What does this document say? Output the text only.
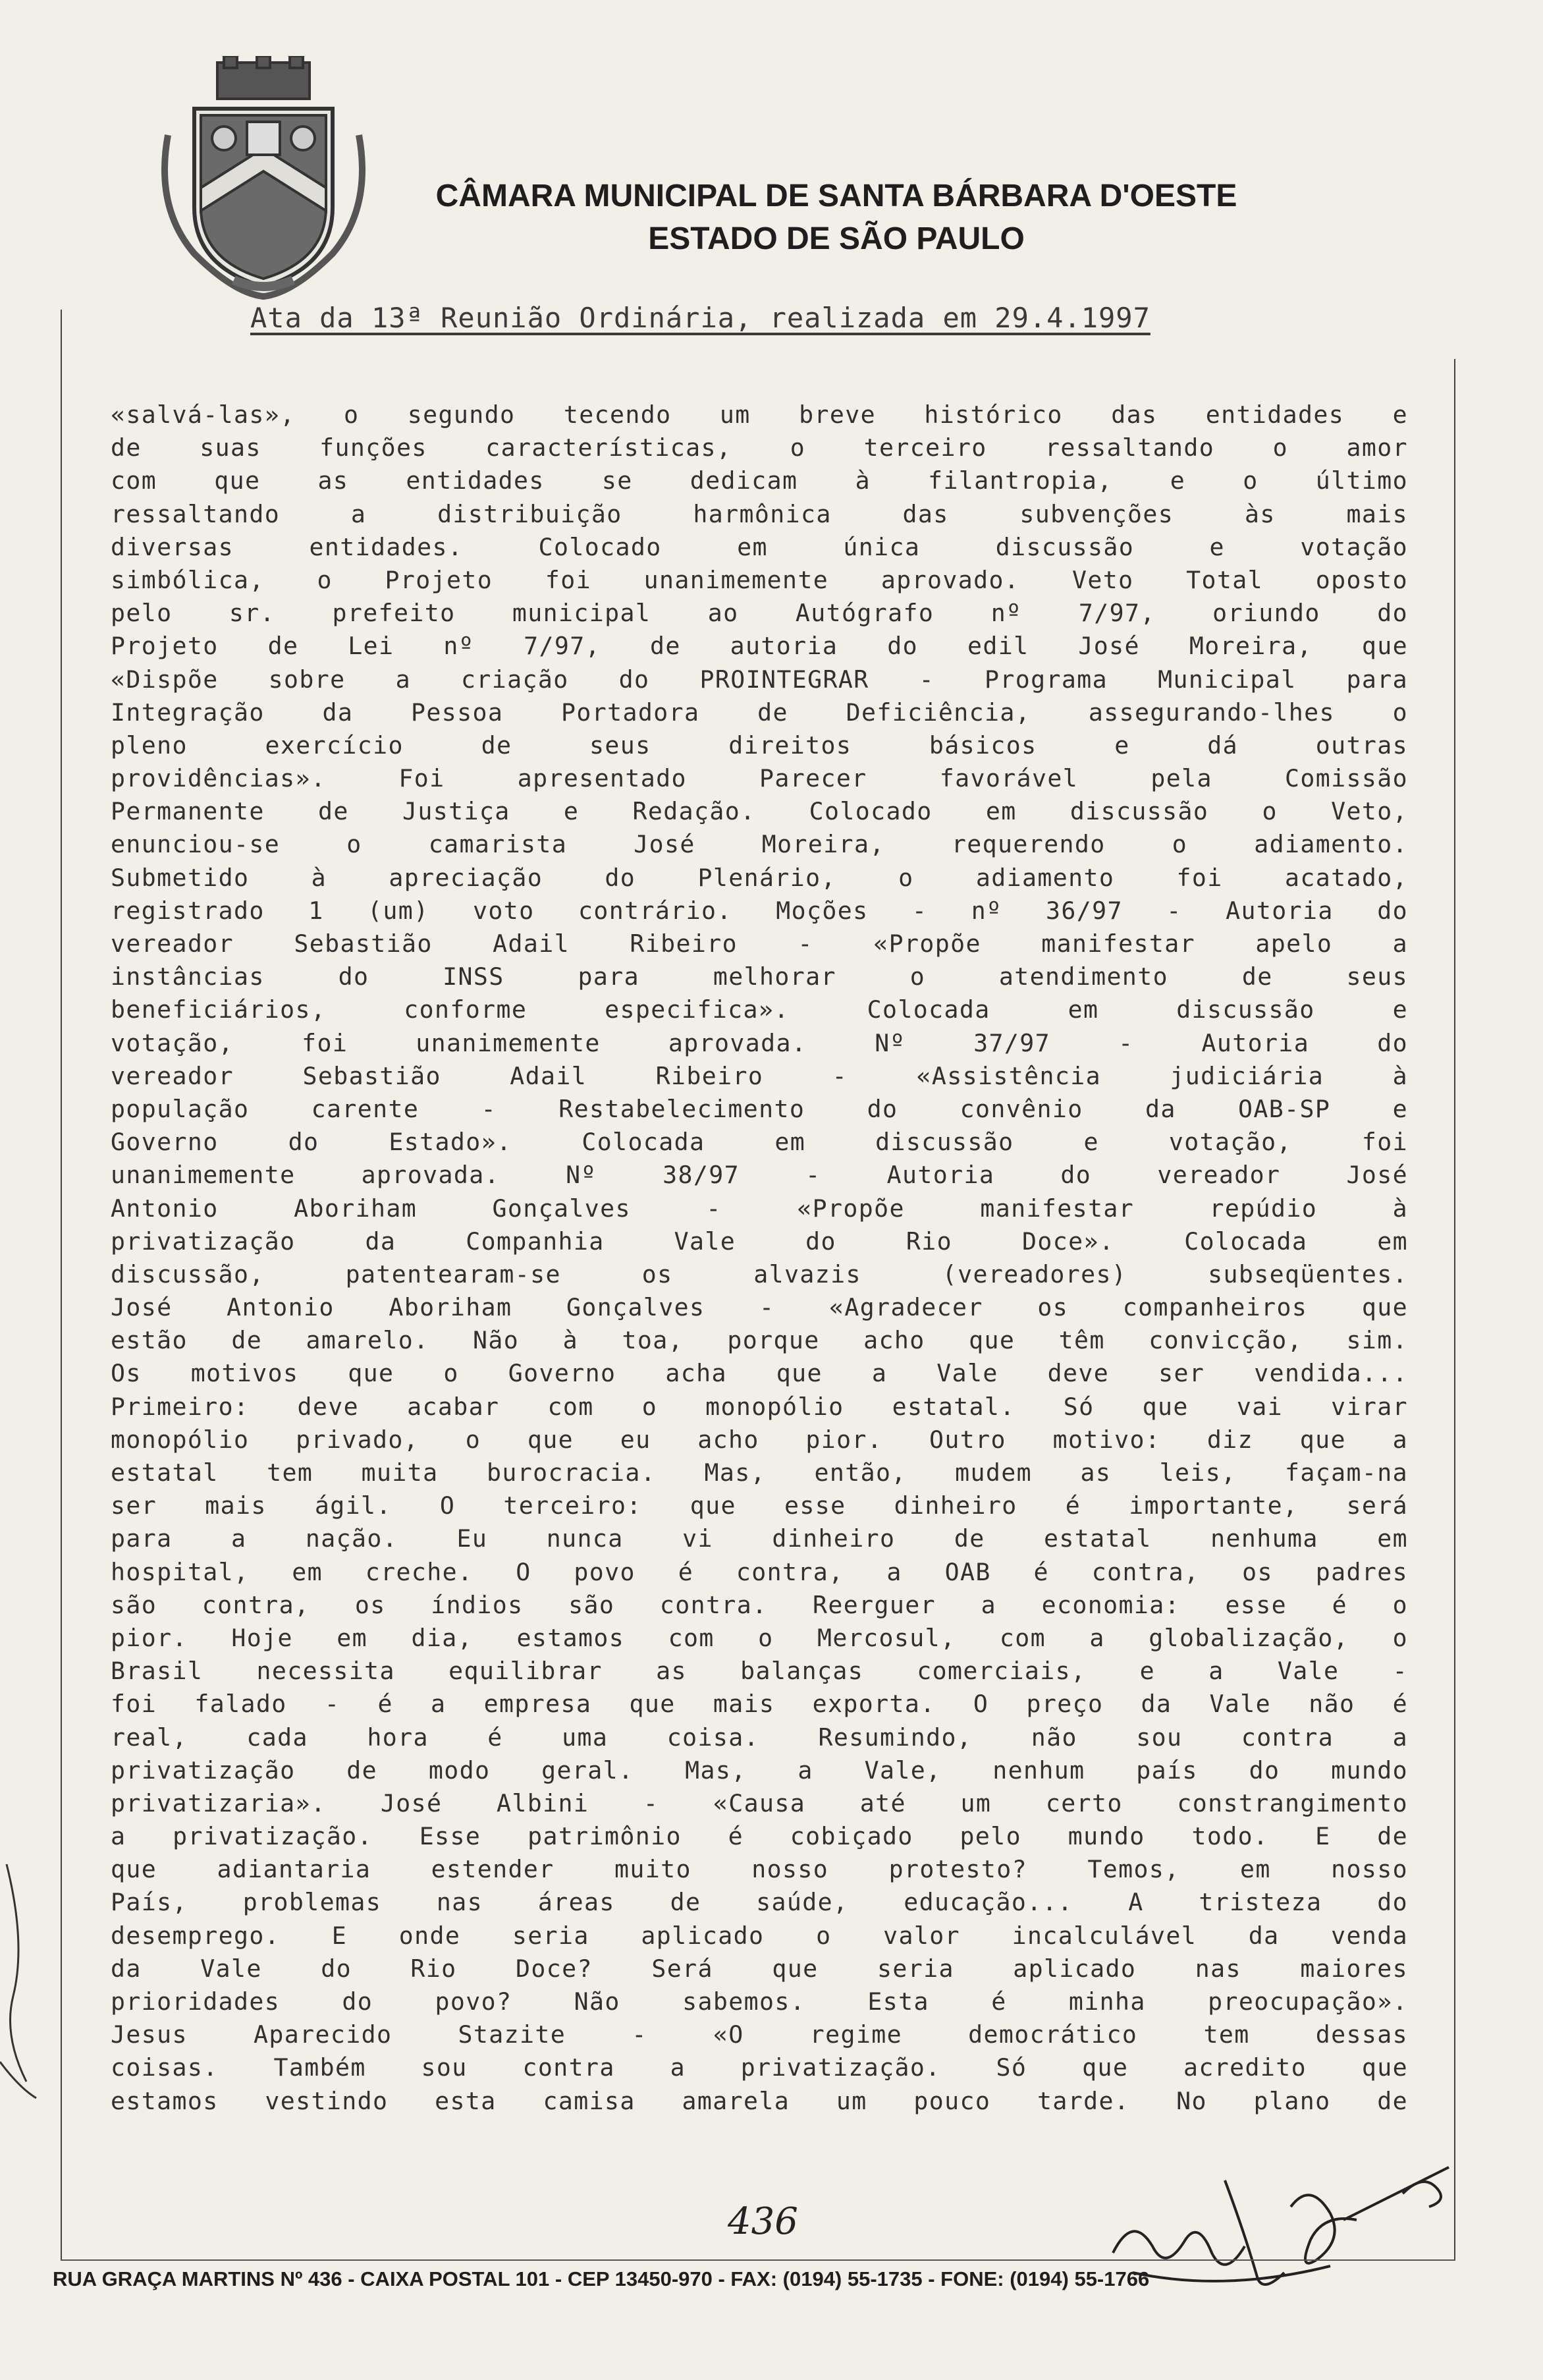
CÂMARA MUNICIPAL DE SANTA BÁRBARA D'OESTE
ESTADO DE SÃO PAULO
Ata da 13ª Reunião Ordinária, realizada em 29.4.1997
«salvá-las», o segundo tecendo um breve histórico das entidades e
de suas funções características, o terceiro ressaltando o amor
com que as entidades se dedicam à filantropia, e o último
ressaltando a distribuição harmônica das subvenções às mais
diversas entidades. Colocado em única discussão e votação
simbólica, o Projeto foi unanimemente aprovado. Veto Total oposto
pelo sr. prefeito municipal ao Autógrafo nº 7/97, oriundo do
Projeto de Lei nº 7/97, de autoria do edil José Moreira, que
«Dispõe sobre a criação do PROINTEGRAR - Programa Municipal para
Integração da Pessoa Portadora de Deficiência, assegurando-lhes o
pleno exercício de seus direitos básicos e dá outras
providências». Foi apresentado Parecer favorável pela Comissão
Permanente de Justiça e Redação. Colocado em discussão o Veto,
enunciou-se o camarista José Moreira, requerendo o adiamento.
Submetido à apreciação do Plenário, o adiamento foi acatado,
registrado 1 (um) voto contrário. Moções - nº 36/97 - Autoria do
vereador Sebastião Adail Ribeiro - «Propõe manifestar apelo a
instâncias do INSS para melhorar o atendimento de seus
beneficiários, conforme especifica». Colocada em discussão e
votação, foi unanimemente aprovada. Nº 37/97 - Autoria do
vereador Sebastião Adail Ribeiro - «Assistência judiciária à
população carente - Restabelecimento do convênio da OAB-SP e
Governo do Estado». Colocada em discussão e votação, foi
unanimemente aprovada. Nº 38/97 - Autoria do vereador José
Antonio Aboriham Gonçalves - «Propõe manifestar repúdio à
privatização da Companhia Vale do Rio Doce». Colocada em
discussão, patentearam-se os alvazis (vereadores) subseqüentes.
José Antonio Aboriham Gonçalves - «Agradecer os companheiros que
estão de amarelo. Não à toa, porque acho que têm convicção, sim.
Os motivos que o Governo acha que a Vale deve ser vendida...
Primeiro: deve acabar com o monopólio estatal. Só que vai virar
monopólio privado, o que eu acho pior. Outro motivo: diz que a
estatal tem muita burocracia. Mas, então, mudem as leis, façam-na
ser mais ágil. O terceiro: que esse dinheiro é importante, será
para a nação. Eu nunca vi dinheiro de estatal nenhuma em
hospital, em creche. O povo é contra, a OAB é contra, os padres
são contra, os índios são contra. Reerguer a economia: esse é o
pior. Hoje em dia, estamos com o Mercosul, com a globalização, o
Brasil necessita equilibrar as balanças comerciais, e a Vale -
foi falado - é a empresa que mais exporta. O preço da Vale não é
real, cada hora é uma coisa. Resumindo, não sou contra a
privatização de modo geral. Mas, a Vale, nenhum país do mundo
privatizaria». José Albini - «Causa até um certo constrangimento
a privatização. Esse patrimônio é cobiçado pelo mundo todo. E de
que adiantaria estender muito nosso protesto? Temos, em nosso
País, problemas nas áreas de saúde, educação... A tristeza do
desemprego. E onde seria aplicado o valor incalculável da venda
da Vale do Rio Doce? Será que seria aplicado nas maiores
prioridades do povo? Não sabemos. Esta é minha preocupação».
Jesus Aparecido Stazite - «O regime democrático tem dessas
coisas. Também sou contra a privatização. Só que acredito que
estamos vestindo esta camisa amarela um pouco tarde. No plano de
436
RUA GRAÇA MARTINS Nº 436 - CAIXA POSTAL 101 - CEP 13450-970 - FAX: (0194) 55-1735 - FONE: (0194) 55-1766
